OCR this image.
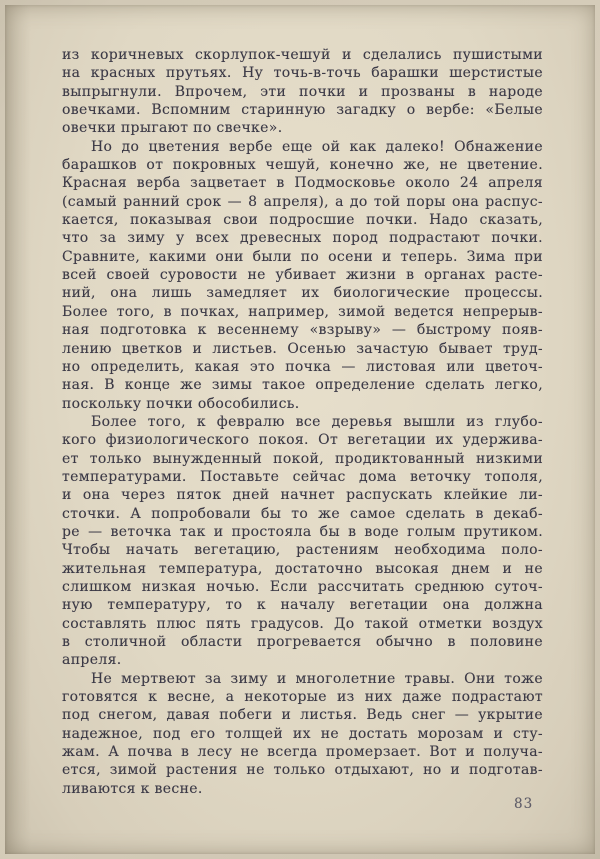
из коричневых скорлупок-чешуй и сделались пушистыми
на красных прутьях. Ну точь-в-точь барашки шерстистые
выпрыгнули. Впрочем, эти почки и прозваны в народе
овечками. Вспомним старинную загадку о вербе: «Белые
овечки прыгают по свечке».
Но до цветения вербе еще ой как далеко! Обнажение
барашков от покровных чешуй, конечно же, не цветение.
Красная верба зацветает в Подмосковье около 24 апреля
(самый ранний срок — 8 апреля), а до той поры она распус-
кается, показывая свои подросшие почки. Надо сказать,
что за зиму у всех древесных пород подрастают почки.
Сравните, какими они были по осени и теперь. Зима при
всей своей суровости не убивает жизни в органах расте-
ний, она лишь замедляет их биологические процессы.
Более того, в почках, например, зимой ведется непрерыв-
ная подготовка к весеннему «взрыву» — быстрому появ-
лению цветков и листьев. Осенью зачастую бывает труд-
но определить, какая это почка — листовая или цветоч-
ная. В конце же зимы такое определение сделать легко,
поскольку почки обособились.
Более того, к февралю все деревья вышли из глубо-
кого физиологического покоя. От вегетации их удержива-
ет только вынужденный покой, продиктованный низкими
температурами. Поставьте сейчас дома веточку тополя,
и она через пяток дней начнет распускать клейкие ли-
сточки. А попробовали бы то же самое сделать в декаб-
ре — веточка так и простояла бы в воде голым прутиком.
Чтобы начать вегетацию, растениям необходима поло-
жительная температура, достаточно высокая днем и не
слишком низкая ночью. Если рассчитать среднюю суточ-
ную температуру, то к началу вегетации она должна
составлять плюс пять градусов. До такой отметки воздух
в столичной области прогревается обычно в половине
апреля.
Не мертвеют за зиму и многолетние травы. Они тоже
готовятся к весне, а некоторые из них даже подрастают
под снегом, давая побеги и листья. Ведь снег — укрытие
надежное, под его толщей их не достать морозам и сту-
жам. А почва в лесу не всегда промерзает. Вот и получа-
ется, зимой растения не только отдыхают, но и подготав-
ливаются к весне.
83
